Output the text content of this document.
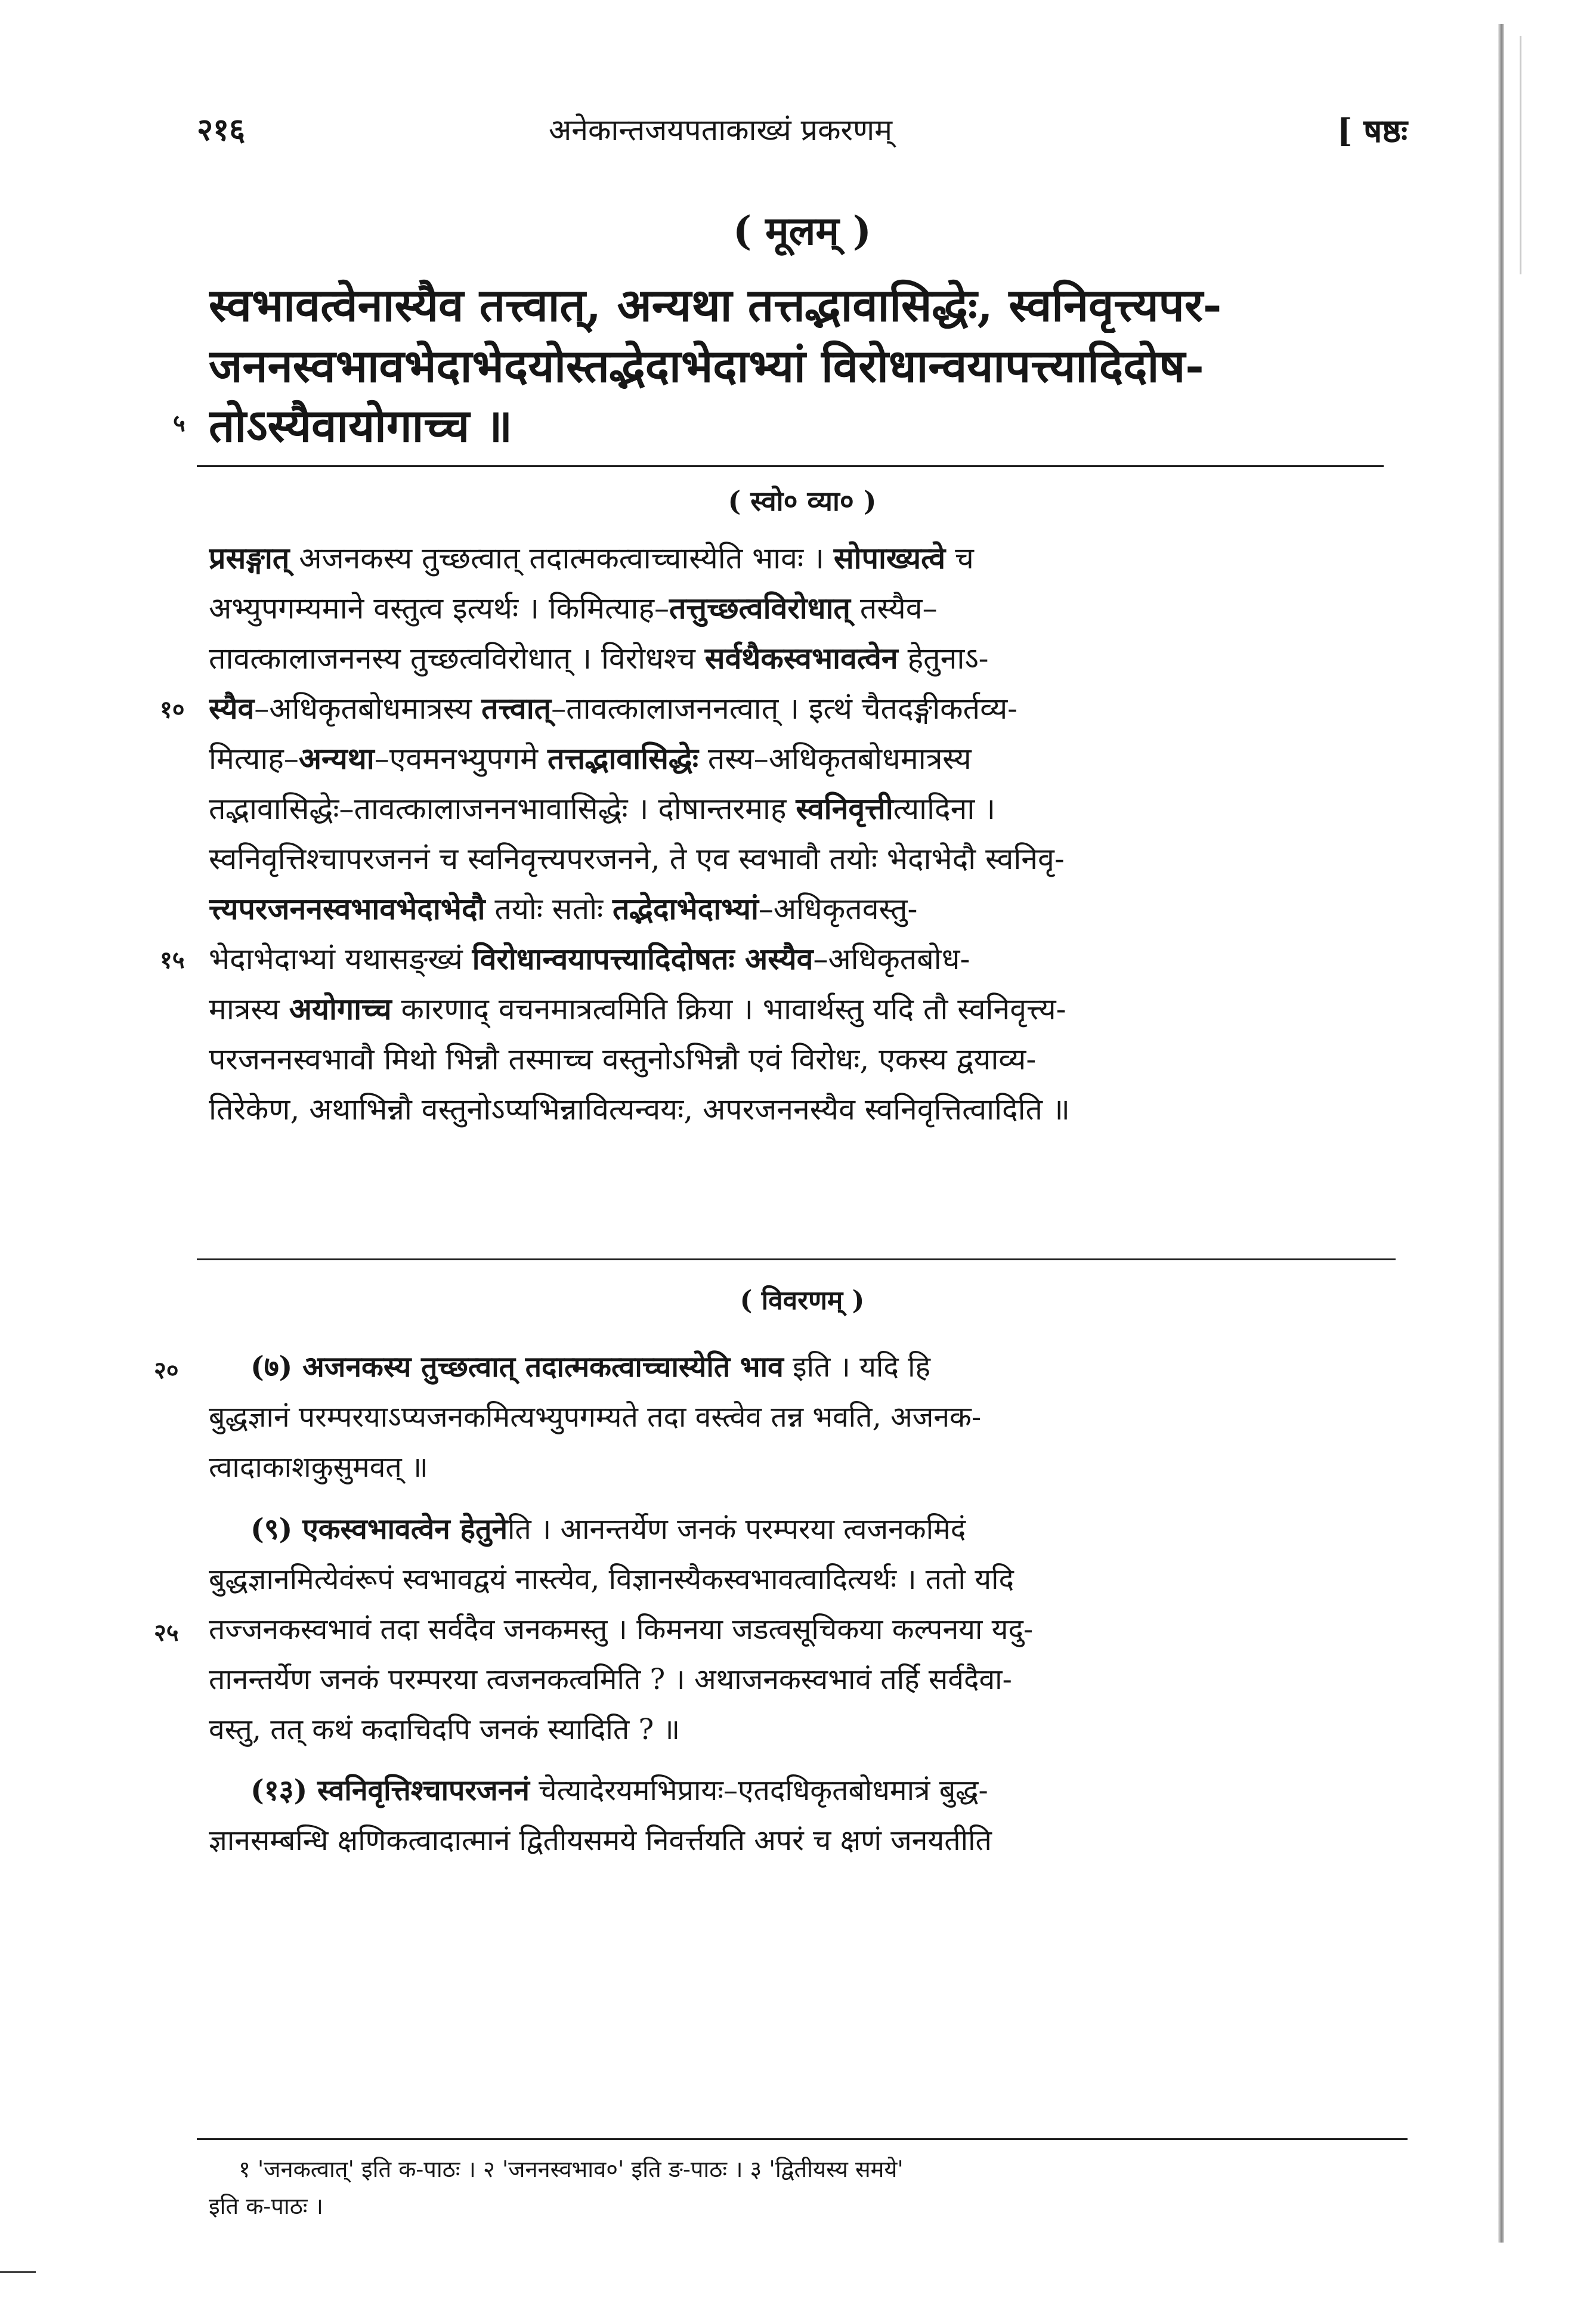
२१६	अनेकान्तजयपताकाख्यं प्रकरणम्	[ षष्ठः
( मूलम् )
स्वभावत्वेनास्यैव तत्त्वात्, अन्यथा तत्तद्भावासिद्धेः, स्वनिवृत्त्यपर-
जननस्वभावभेदाभेदयोस्तद्भेदाभेदाभ्यां विरोधान्वयापत्त्यादिदोष-
तोऽस्यैवायोगाच्च ॥
५
( स्वो० व्या० )
प्रसङ्गात् अजनकस्य तुच्छत्वात् तदात्मकत्वाच्चास्येति भावः । सोपाख्यत्वे च
अभ्युपगम्यमाने वस्तुत्व इत्यर्थः । किमित्याह–तत्तुच्छत्वविरोधात् तस्यैव–
तावत्कालाजननस्य तुच्छत्वविरोधात् । विरोधश्च सर्वथैकस्वभावत्वेन हेतुनाऽ-
१० स्यैव–अधिकृतबोधमात्रस्य तत्त्वात्–तावत्कालाजननत्वात् । इत्थं चैतदङ्गीकर्तव्य-
मित्याह–अन्यथा–एवमनभ्युपगमे तत्तद्भावासिद्धेः तस्य–अधिकृतबोधमात्रस्य
तद्भावासिद्धेः–तावत्कालाजननभावासिद्धेः । दोषान्तरमाह स्वनिवृत्तीत्यादिना ।
स्वनिवृत्तिश्चापरजननं च स्वनिवृत्त्यपरजनने, ते एव स्वभावौ तयोः भेदाभेदौ स्वनिवृ-
त्त्यपरजननस्वभावभेदाभेदौ तयोः सतोः तद्भेदाभेदाभ्यां–अधिकृतवस्तु-
१५ भेदाभेदाभ्यां यथासङ्ख्यं विरोधान्वयापत्त्यादिदोषतः अस्यैव–अधिकृतबोध-
मात्रस्य अयोगाच्च कारणाद् वचनमात्रत्वमिति क्रिया । भावार्थस्तु यदि तौ स्वनिवृत्त्य-
परजननस्वभावौ मिथो भिन्नौ तस्माच्च वस्तुनोऽभिन्नौ एवं विरोधः, एकस्य द्वयाव्य-
तिरेकेण, अथाभिन्नौ वस्तुनोऽप्यभिन्नावित्यन्वयः, अपरजननस्यैव स्वनिवृत्तित्वादिति ॥
( विवरणम् )
२०	(७) अजनकस्य तुच्छत्वात् तदात्मकत्वाच्चास्येति भाव इति । यदि हि
बुद्धज्ञानं परम्परयाऽप्यजनकमित्यभ्युपगम्यते तदा वस्त्वेव तन्न भवति, अजनक-
त्वादाकाशकुसुमवत् ॥
(९) एकस्वभावत्वेन हेतुनेति । आनन्तर्येण जनकं परम्परया त्वजनकमिदं
बुद्धज्ञानमित्येवंरूपं स्वभावद्वयं नास्त्येव, विज्ञानस्यैकस्वभावत्वादित्यर्थः । ततो यदि
२५ तज्जनकस्वभावं तदा सर्वदैव जनकमस्तु । किमनया जडत्वसूचिकया कल्पनया यदु-
तानन्तर्येण जनकं परम्परया त्वजनकत्वमिति ? । अथाजनकस्वभावं तर्हि सर्वदैवा-
वस्तु, तत् कथं कदाचिदपि जनकं स्यादिति ? ॥
(१३) स्वनिवृत्तिश्चापरजननं चेत्यादेरयमभिप्रायः–एतदधिकृतबोधमात्रं बुद्ध-
ज्ञानसम्बन्धि क्षणिकत्वादात्मानं द्वितीयसमये निवर्त्तयति अपरं च क्षणं जनयतीति
१ 'जनकत्वात्' इति क-पाठः । २ 'जननस्वभाव०' इति ङ-पाठः । ३ 'द्वितीयस्य समये'
इति क-पाठः ।
